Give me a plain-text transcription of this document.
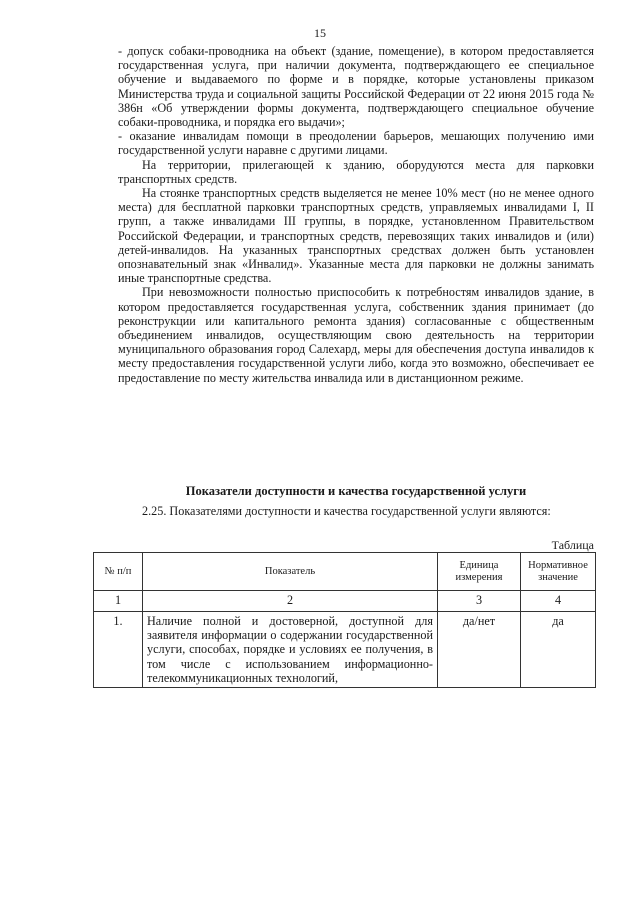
15

- допуск собаки-проводника на объект (здание, помещение), в котором предоставляется государственная услуга, при наличии документа, подтверждающего ее специальное обучение и выдаваемого по форме и в порядке, которые установлены приказом Министерства труда и социальной защиты Российской Федерации от 22 июня 2015 года № 386н «Об утверждении формы документа, подтверждающего специальное обучение собаки-проводника, и порядка его выдачи»;

- оказание инвалидам помощи в преодолении барьеров, мешающих получению ими государственной услуги наравне с другими лицами.

На территории, прилегающей к зданию, оборудуются места для парковки транспортных средств.

На стоянке транспортных средств выделяется не менее 10% мест (но не менее одного места) для бесплатной парковки транспортных средств, управляемых инвалидами I, II групп, а также инвалидами III группы, в порядке, установленном Правительством Российской Федерации, и транспортных средств, перевозящих таких инвалидов и (или) детей-инвалидов. На указанных транспортных средствах должен быть установлен опознавательный знак «Инвалид». Указанные места для парковки не должны занимать иные транспортные средства.

При невозможности полностью приспособить к потребностям инвалидов здание, в котором предоставляется государственная услуга, собственник здания принимает (до реконструкции или капитального ремонта здания) согласованные с общественным объединением инвалидов, осуществляющим свою деятельность на территории муниципального образования город Салехард, меры для обеспечения доступа инвалидов к месту предоставления государственной услуги либо, когда это возможно, обеспечивает ее предоставление по месту жительства инвалида или в дистанционном режиме.

Показатели доступности и качества государственной услуги

2.25. Показателями доступности и качества государственной услуги являются:

Таблица
№ п/п	Показатель	Единица измерения	Нормативное значение
1	2	3	4
1.	Наличие полной и достоверной, доступной для заявителя информации о содержании государственной услуги, способах, порядке и условиях ее получения, в том числе с использованием информационно-телекоммуникационных технологий,	да/нет	да
